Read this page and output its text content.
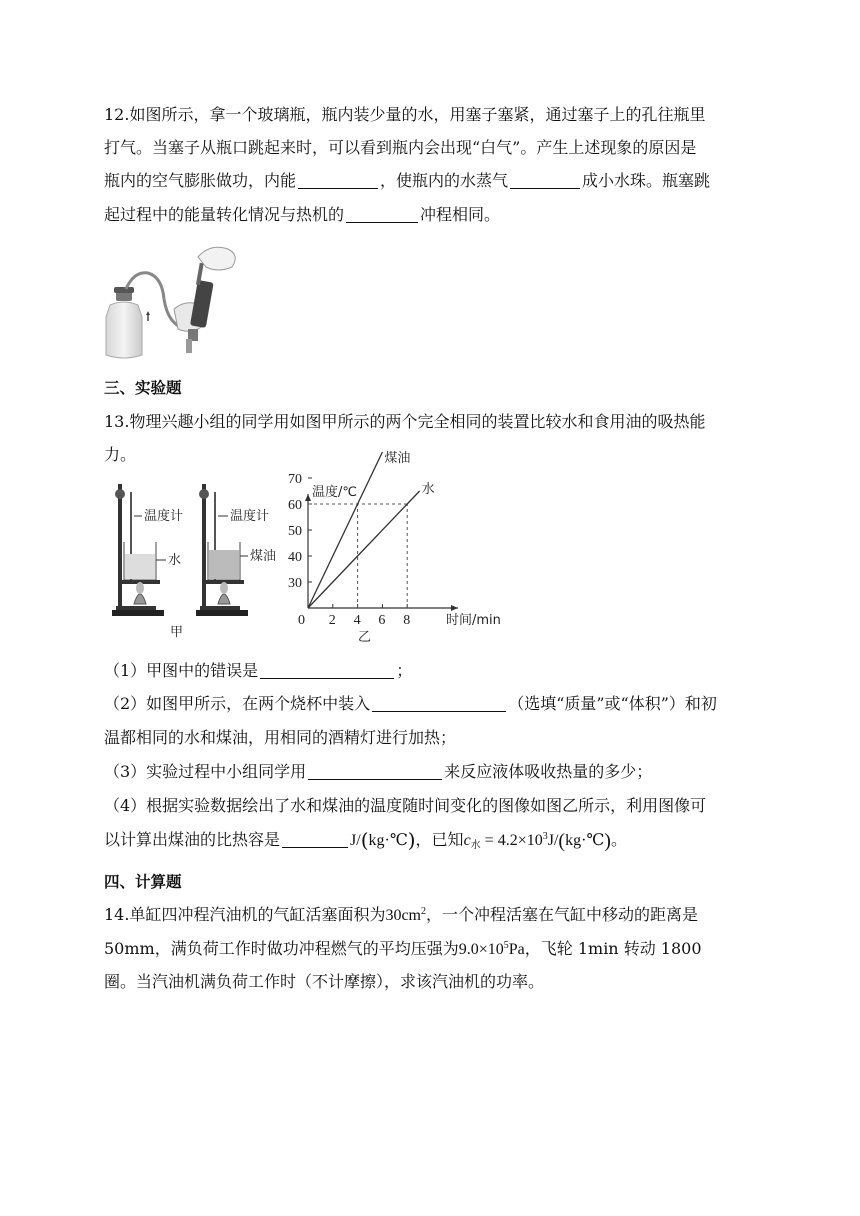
12.如图所示，拿一个玻璃瓶，瓶内装少量的水，用塞子塞紧，通过塞子上的孔往瓶里
打气。当塞子从瓶口跳起来时，可以看到瓶内会出现“白气”。产生上述现象的原因是
瓶内的空气膨胀做功，内能	，使瓶内的水蒸气	成小水珠。瓶塞跳
起过程中的能量转化情况与热机的	冲程相同。
三、实验题
13.物理兴趣小组的同学用如图甲所示的两个完全相同的装置比较水和食用油的吸热能
力。
温度计
水
温度计
煤油
甲
0 2 4 6 8
30
40
50
60
70
温度/℃
时间/min
煤油
水
乙
（1）甲图中的错误是	；
（2）如图甲所示，在两个烧杯中装入	（选填“质量”或“体积”）和初
温都相同的水和煤油，用相同的酒精灯进行加热；
（3）实验过程中小组同学用	来反应液体吸收热量的多少；
（4）根据实验数据绘出了水和煤油的温度随时间变化的图像如图乙所示，利用图像可
以计算出煤油的比热容是	J/(kg·℃)，已知$c_水$ = $4.2\times 10^3J/(kg\cdot℃)$。
四、计算题
14.单缸四冲程汽油机的气缸活塞面积为$30cm^2$，一个冲程活塞在气缸中移动的距离是
50mm，满负荷工作时做功冲程燃气的平均压强为$9.0\times 10^5Pa$，飞轮 1min 转动 1800
圈。当汽油机满负荷工作时（不计摩擦），求该汽油机的功率。
